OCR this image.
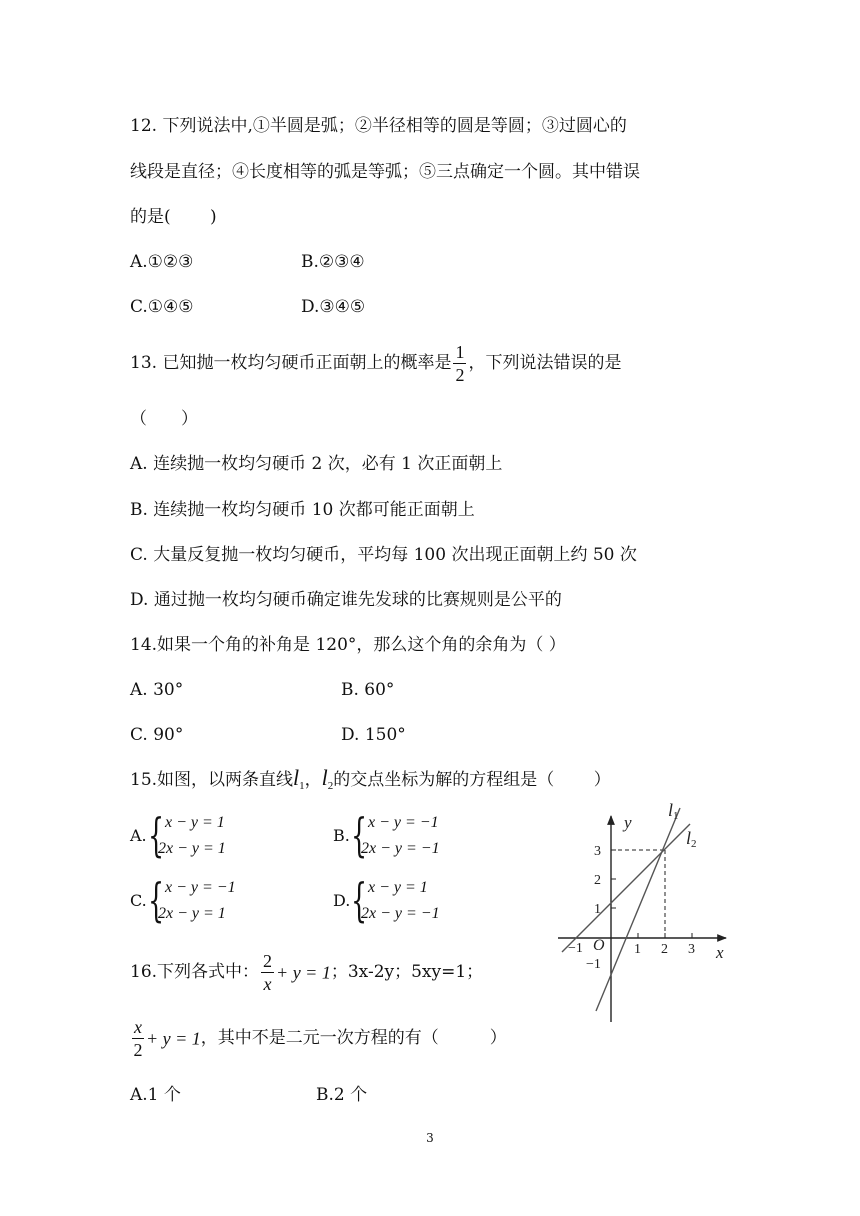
12. 下列说法中,①半圆是弧；②半径相等的圆是等圆；③过圆心的
线段是直径；④长度相等的弧是等弧；⑤三点确定一个圆。其中错误
的是(　　 )
A.①②③	B.②③④
C.①④⑤	D.③④⑤
13. 已知抛一枚均匀硬币正面朝上的概率是 $\frac{1}{2}$ ，下列说法错误的是
（　　）
A. 连续抛一枚均匀硬币 2 次，必有 1 次正面朝上
B. 连续抛一枚均匀硬币 10 次都可能正面朝上
C. 大量反复抛一枚均匀硬币，平均每 100 次出现正面朝上约 50 次
D. 通过抛一枚均匀硬币确定谁先发球的比赛规则是公平的
14.如果一个角的补角是 120°，那么这个角的余角为（ ）
A. 30°	B. 60°
C. 90°	D. 150°
15.如图，以两条直线$l_1$，$l_2$的交点坐标为解的方程组是（　　 ）
A. { x − y = 1
2x − y = 1
B. { x − y = −1
2x − y = −1
C. { x − y = −1
2x − y = 1
D. { x − y = 1
2x − y = −1
y
x
O
l1
l2
3
2
1
−1
−1	1 2 3
16.下列各式中： $\frac{2}{x} + y = 1$；3x-2y；5xy=1；
$\frac{x}{2} + y = 1$，其中不是二元一次方程的有（　　　）
A.1 个	B.2 个
3
